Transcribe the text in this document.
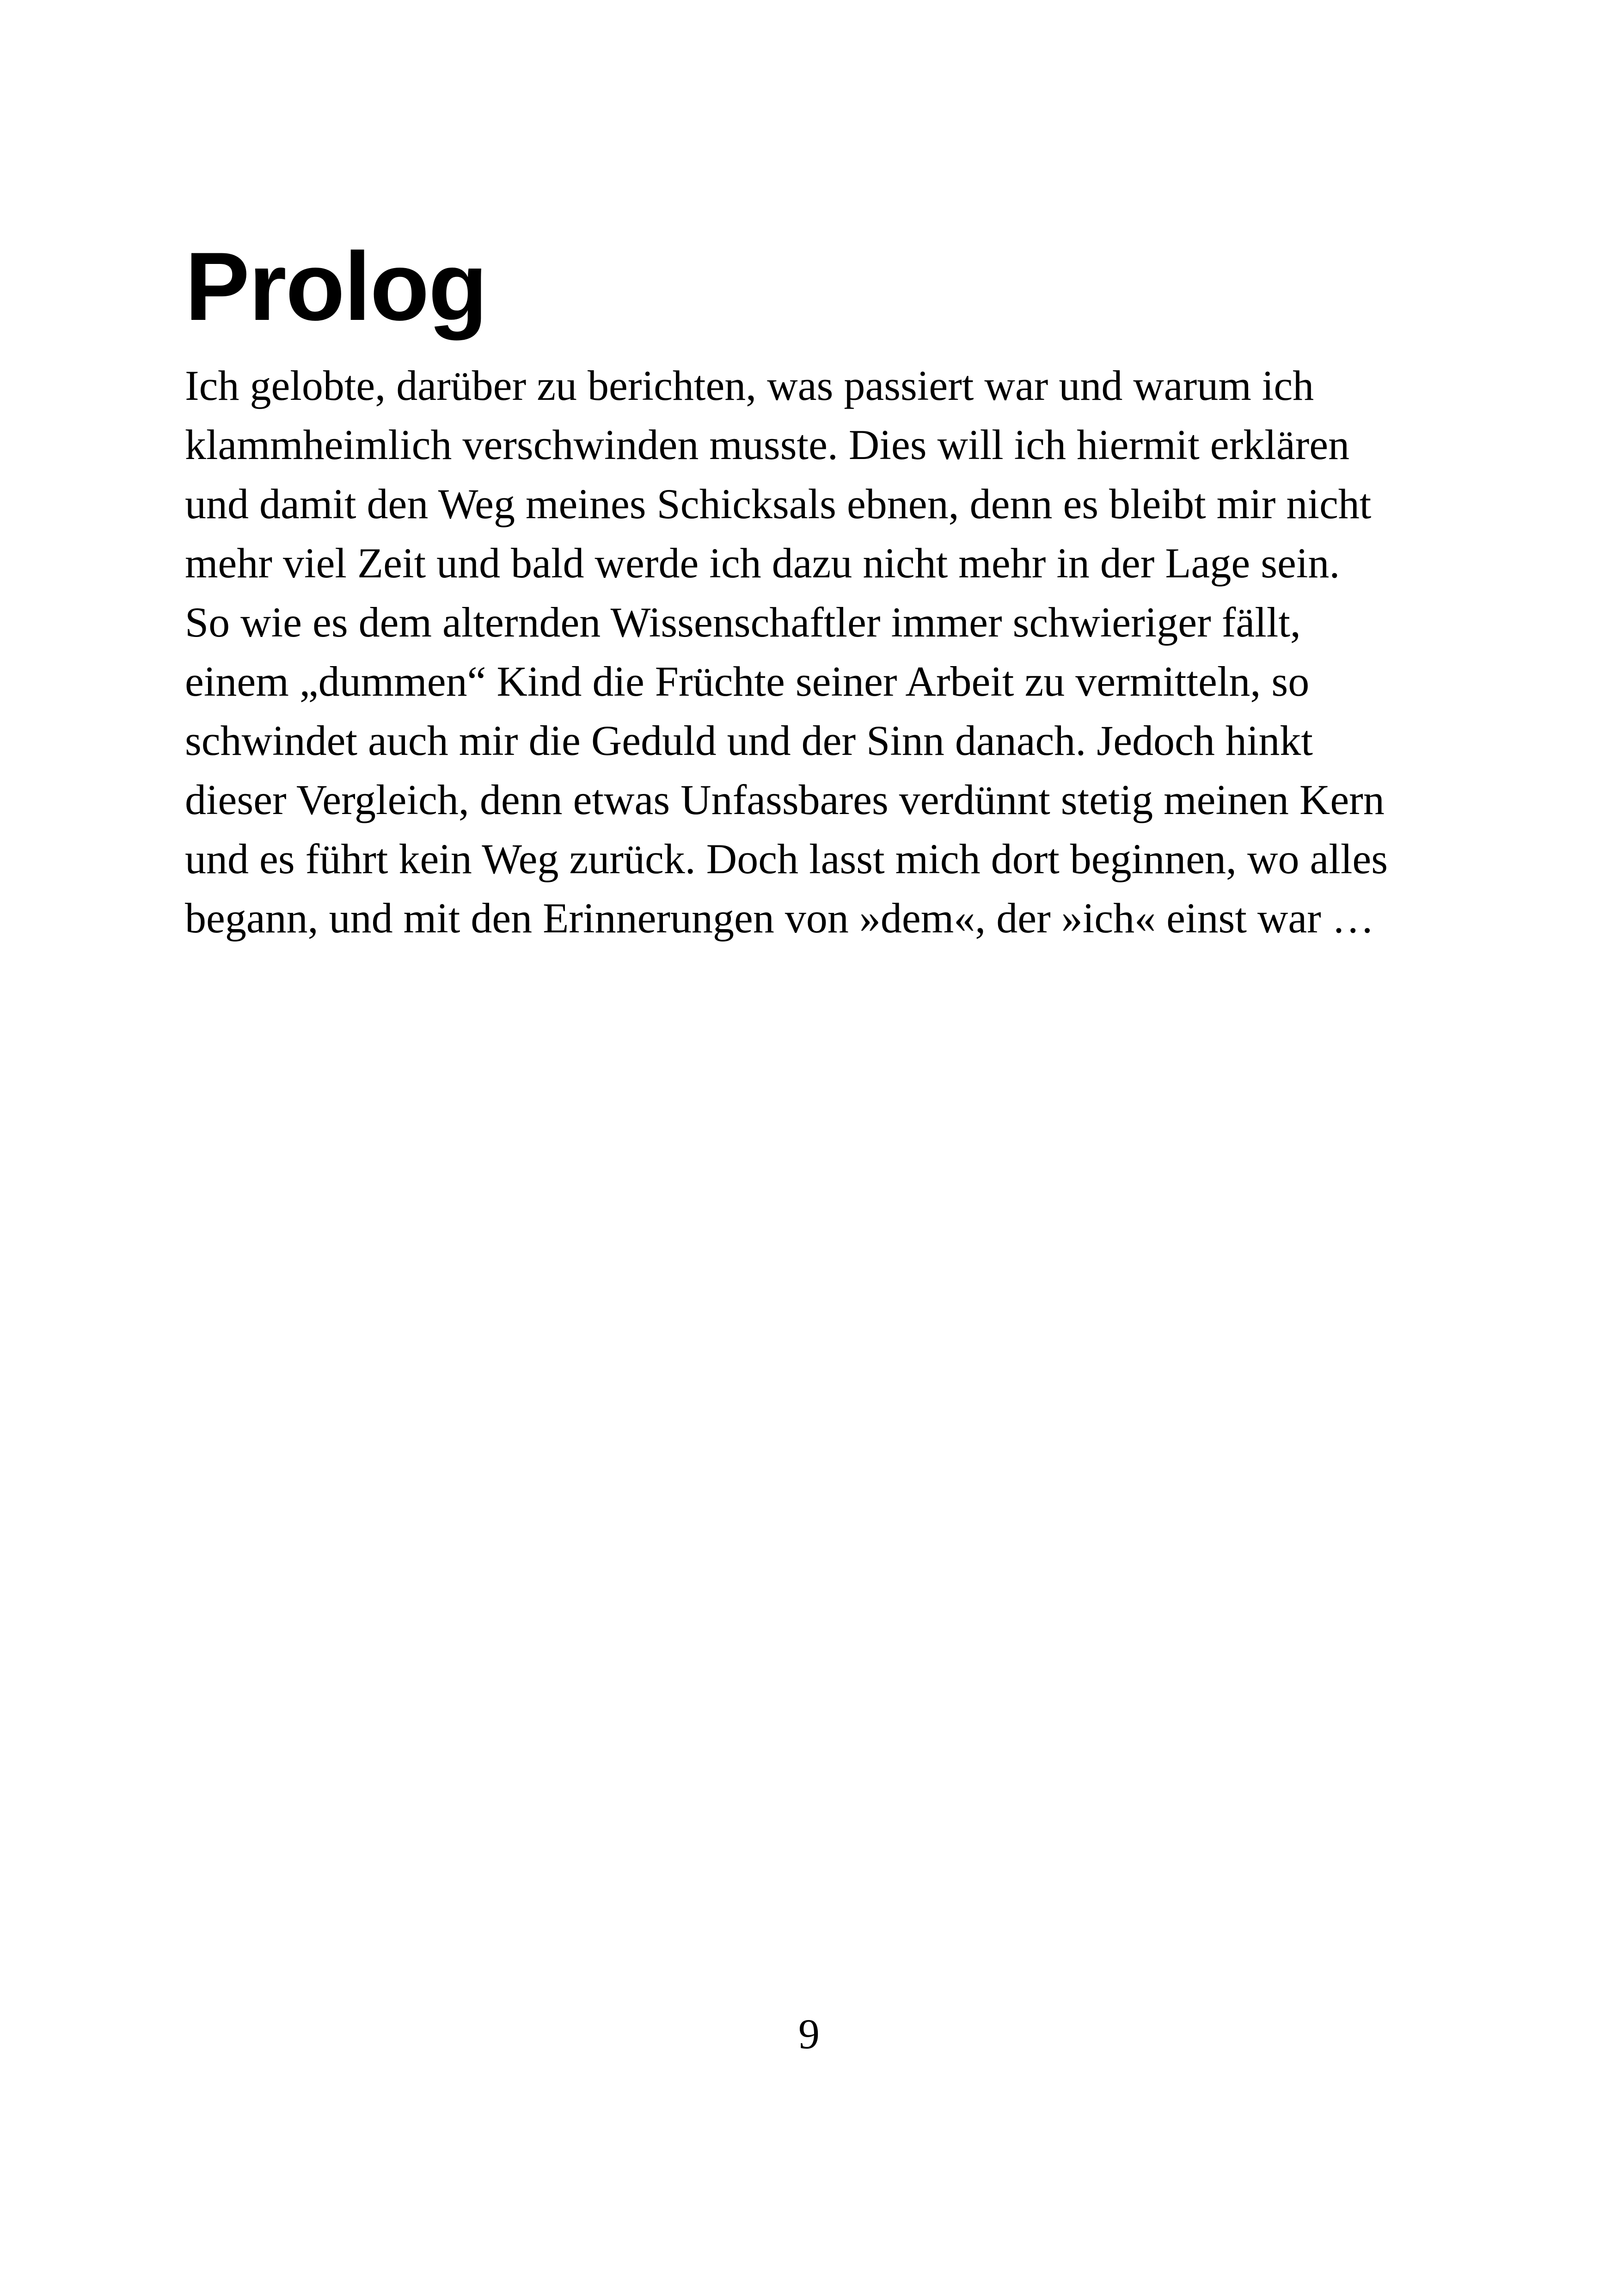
Prolog

Ich gelobte, darüber zu berichten, was passiert war und warum ich
klammheimlich verschwinden musste. Dies will ich hiermit erklären
und damit den Weg meines Schicksals ebnen, denn es bleibt mir nicht
mehr viel Zeit und bald werde ich dazu nicht mehr in der Lage sein.
So wie es dem alternden Wissenschaftler immer schwieriger fällt,
einem „dummen“ Kind die Früchte seiner Arbeit zu vermitteln, so
schwindet auch mir die Geduld und der Sinn danach. Jedoch hinkt
dieser Vergleich, denn etwas Unfassbares verdünnt stetig meinen Kern
und es führt kein Weg zurück. Doch lasst mich dort beginnen, wo alles
begann, und mit den Erinnerungen von »dem«, der »ich« einst war …

9
